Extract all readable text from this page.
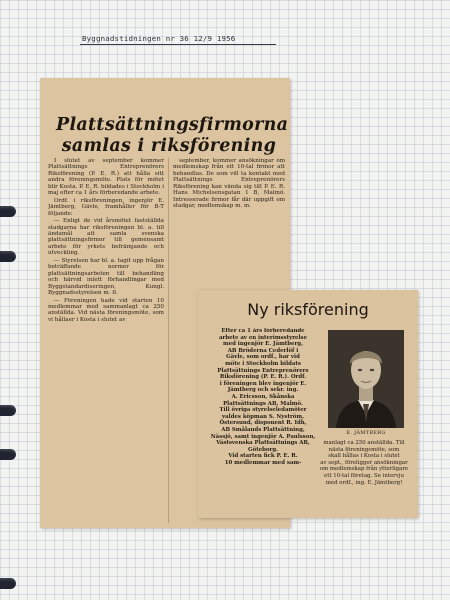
Byggnadstidningen nr 36 12/9 1956
Plattsättningsfirmorna
samlas i riksförening

I slutet av september kommer Plattsättnings Entreprenörers Riksförening (P. E. R.) att hålla sitt andra föreningsmöte. Plats för mötet blir Kosta. P. E. R. bildades i Stockholm i maj efter ca 1 års förberedande arbete.

Ordf. i riksföreningen, ingenjör E. Jämtberg, Gävle, framhåller för B-T följande:

— Enligt de vid årsmötet fastställda stadgarna har riksföreningen bl. a. till ändamål att samla svenska plattsättningsfirmor till gemensamt arbete för yrkets befrämjande och utveckling.

— Styrelsen har bl. a. tagit upp frågan beträffande normer för plattsättningsarbeten till behandling och härvid inlett förhandlingar med Byggstandardiseringen, Kungl. Byggnadsstyrelsen m. fl.

— Föreningen hade vid starten 10 medlemmar med sammanlagt ca 250 anställda. Vid nästa föreningsmöte, som vi hållaer i Kosta i slutet av

september, kommer ansökningar om medlemskap från ett 10-tal firmor att behandlas. De som vill ta kontakt med Plattsättnings Entreprenörers Riksförening kan vända sig till P. E. R. Hans Michelsensgatan 1 B, Malmö. Intresserade firmor får där uppgift om stadgar, medlemskap m. m.

Ny riksförening

Efter ca 1 års förberedande

arbete av en interimsstyrelse

med ingenjör E. Jämtberg,

AB Bröderna Cederlöf i

Gävle, som ordf., har vid

möte i Stockholm bildats

Plattsättnings Entreprenörers

Riksförening (P. E. R.). Ordf.

i föreningen blev ingenjör E.

Jämtberg och sekr. ing.

A. Ericsson, Skånska

Plattsättnings AB, Malmö.

Till övriga styrelseledamöter

valdes köpman S. Nyström,

Östersund, disponent R. Idh,

AB Smålands Plattsättning,

Nässjö, samt ingenjör A. Paulsson,

Västsvenska Plattsättnings AB,

Göteborg.

Vid starten fick P. E. R.

10 medlemmar med sam-

E. JÄMTBERG

manlagt ca 250 anställda. Till

nästa föreningsmöte, som

skall hållas i Kosta i slutet

av sept., föreligger ansökningar

om medlemskap från ytterligare

ett 10-tal företag. Se intervju

med ordf., ing. E. Jämtberg!
